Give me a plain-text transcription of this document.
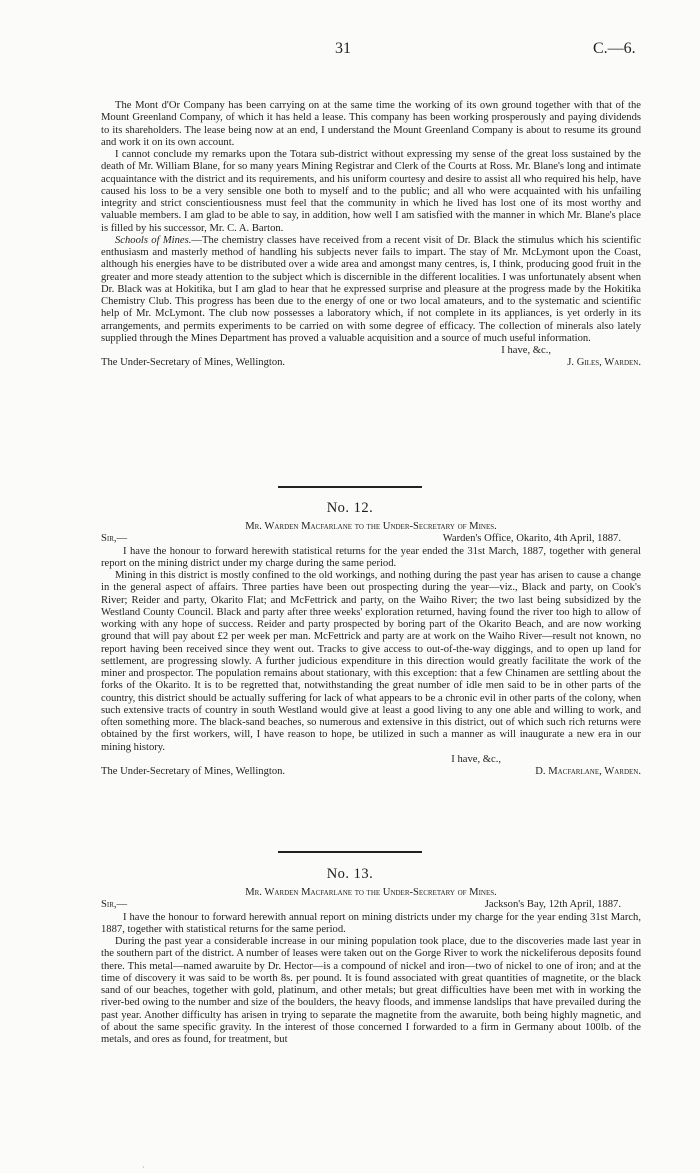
31	C.—6.

The Mont d'Or Company has been carrying on at the same time the working of its own ground together with that of the Mount Greenland Company, of which it has held a lease. This company has been working prosperously and paying dividends to its shareholders. The lease being now at an end, I understand the Mount Greenland Company is about to resume its ground and work it on its own account.

I cannot conclude my remarks upon the Totara sub-district without expressing my sense of the great loss sustained by the death of Mr. William Blane, for so many years Mining Registrar and Clerk of the Courts at Ross. Mr. Blane's long and intimate acquaintance with the district and its requirements, and his uniform courtesy and desire to assist all who required his help, have caused his loss to be a very sensible one both to myself and to the public; and all who were acquainted with his unfailing integrity and strict conscientiousness must feel that the community in which he lived has lost one of its most worthy and valuable members. I am glad to be able to say, in addition, how well I am satisfied with the manner in which Mr. Blane's place is filled by his successor, Mr. C. A. Barton.

Schools of Mines.—The chemistry classes have received from a recent visit of Dr. Black the stimulus which his scientific enthusiasm and masterly method of handling his subjects never fails to impart. The stay of Mr. McLymont upon the Coast, although his energies have to be distributed over a wide area and amongst many centres, is, I think, producing good fruit in the greater and more steady attention to the subject which is discernible in the different localities. I was unfortunately absent when Dr. Black was at Hokitika, but I am glad to hear that he expressed surprise and pleasure at the progress made by the Hokitika Chemistry Club. This progress has been due to the energy of one or two local amateurs, and to the systematic and scientific help of Mr. McLymont. The club now possesses a laboratory which, if not complete in its appliances, is yet orderly in its arrangements, and permits experiments to be carried on with some degree of efficacy. The collection of minerals also lately supplied through the Mines Department has proved a valuable acquisition and a source of much useful information.

I have, &c.,
The Under-Secretary of Mines, Wellington.	J. Giles, Warden.
No. 12.
Mr. Warden Macfarlane to the Under-Secretary of Mines.
Sir,—	Warden's Office, Okarito, 4th April, 1887.

I have the honour to forward herewith statistical returns for the year ended the 31st March, 1887, together with general report on the mining district under my charge during the same period.

Mining in this district is mostly confined to the old workings, and nothing during the past year has arisen to cause a change in the general aspect of affairs. Three parties have been out prospecting during the year—viz., Black and party, on Cook's River; Reider and party, Okarito Flat; and McFettrick and party, on the Waiho River; the two last being subsidized by the Westland County Council. Black and party after three weeks' exploration returned, having found the river too high to allow of working with any hope of success. Reider and party prospected by boring part of the Okarito Beach, and are now working ground that will pay about £2 per week per man. McFettrick and party are at work on the Waiho River—result not known, no report having been received since they went out. Tracks to give access to out-of-the-way diggings, and to open up land for settlement, are progressing slowly. A further judicious expenditure in this direction would greatly facilitate the work of the miner and prospector. The population remains about stationary, with this exception: that a few Chinamen are settling about the forks of the Okarito. It is to be regretted that, notwithstanding the great number of idle men said to be in other parts of the country, this district should be actually suffering for lack of what appears to be a chronic evil in other parts of the colony, when such extensive tracts of country in south Westland would give at least a good living to any one able and willing to work, and often something more. The black-sand beaches, so numerous and extensive in this district, out of which such rich returns were obtained by the first workers, will, I have reason to hope, be utilized in such a manner as will inaugurate a new era in our mining history.

I have, &c.,
The Under-Secretary of Mines, Wellington.	D. Macfarlane, Warden.
No. 13.
Mr. Warden Macfarlane to the Under-Secretary of Mines.
Sir,—	Jackson's Bay, 12th April, 1887.

I have the honour to forward herewith annual report on mining districts under my charge for the year ending 31st March, 1887, together with statistical returns for the same period.

During the past year a considerable increase in our mining population took place, due to the discoveries made last year in the southern part of the district. A number of leases were taken out on the Gorge River to work the nickeliferous deposits found there. This metal—named awaruite by Dr. Hector—is a compound of nickel and iron—two of nickel to one of iron; and at the time of discovery it was said to be worth 8s. per pound. It is found associated with great quantities of magnetite, or the black sand of our beaches, together with gold, platinum, and other metals; but great difficulties have been met with in working the river-bed owing to the number and size of the boulders, the heavy floods, and immense landslips that have prevailed during the past year. Another difficulty has arisen in trying to separate the magnetite from the awaruite, both being highly magnetic, and of about the same specific gravity. In the interest of those concerned I forwarded to a firm in Germany about 100lb. of the metals, and ores as found, for treatment, but

·
